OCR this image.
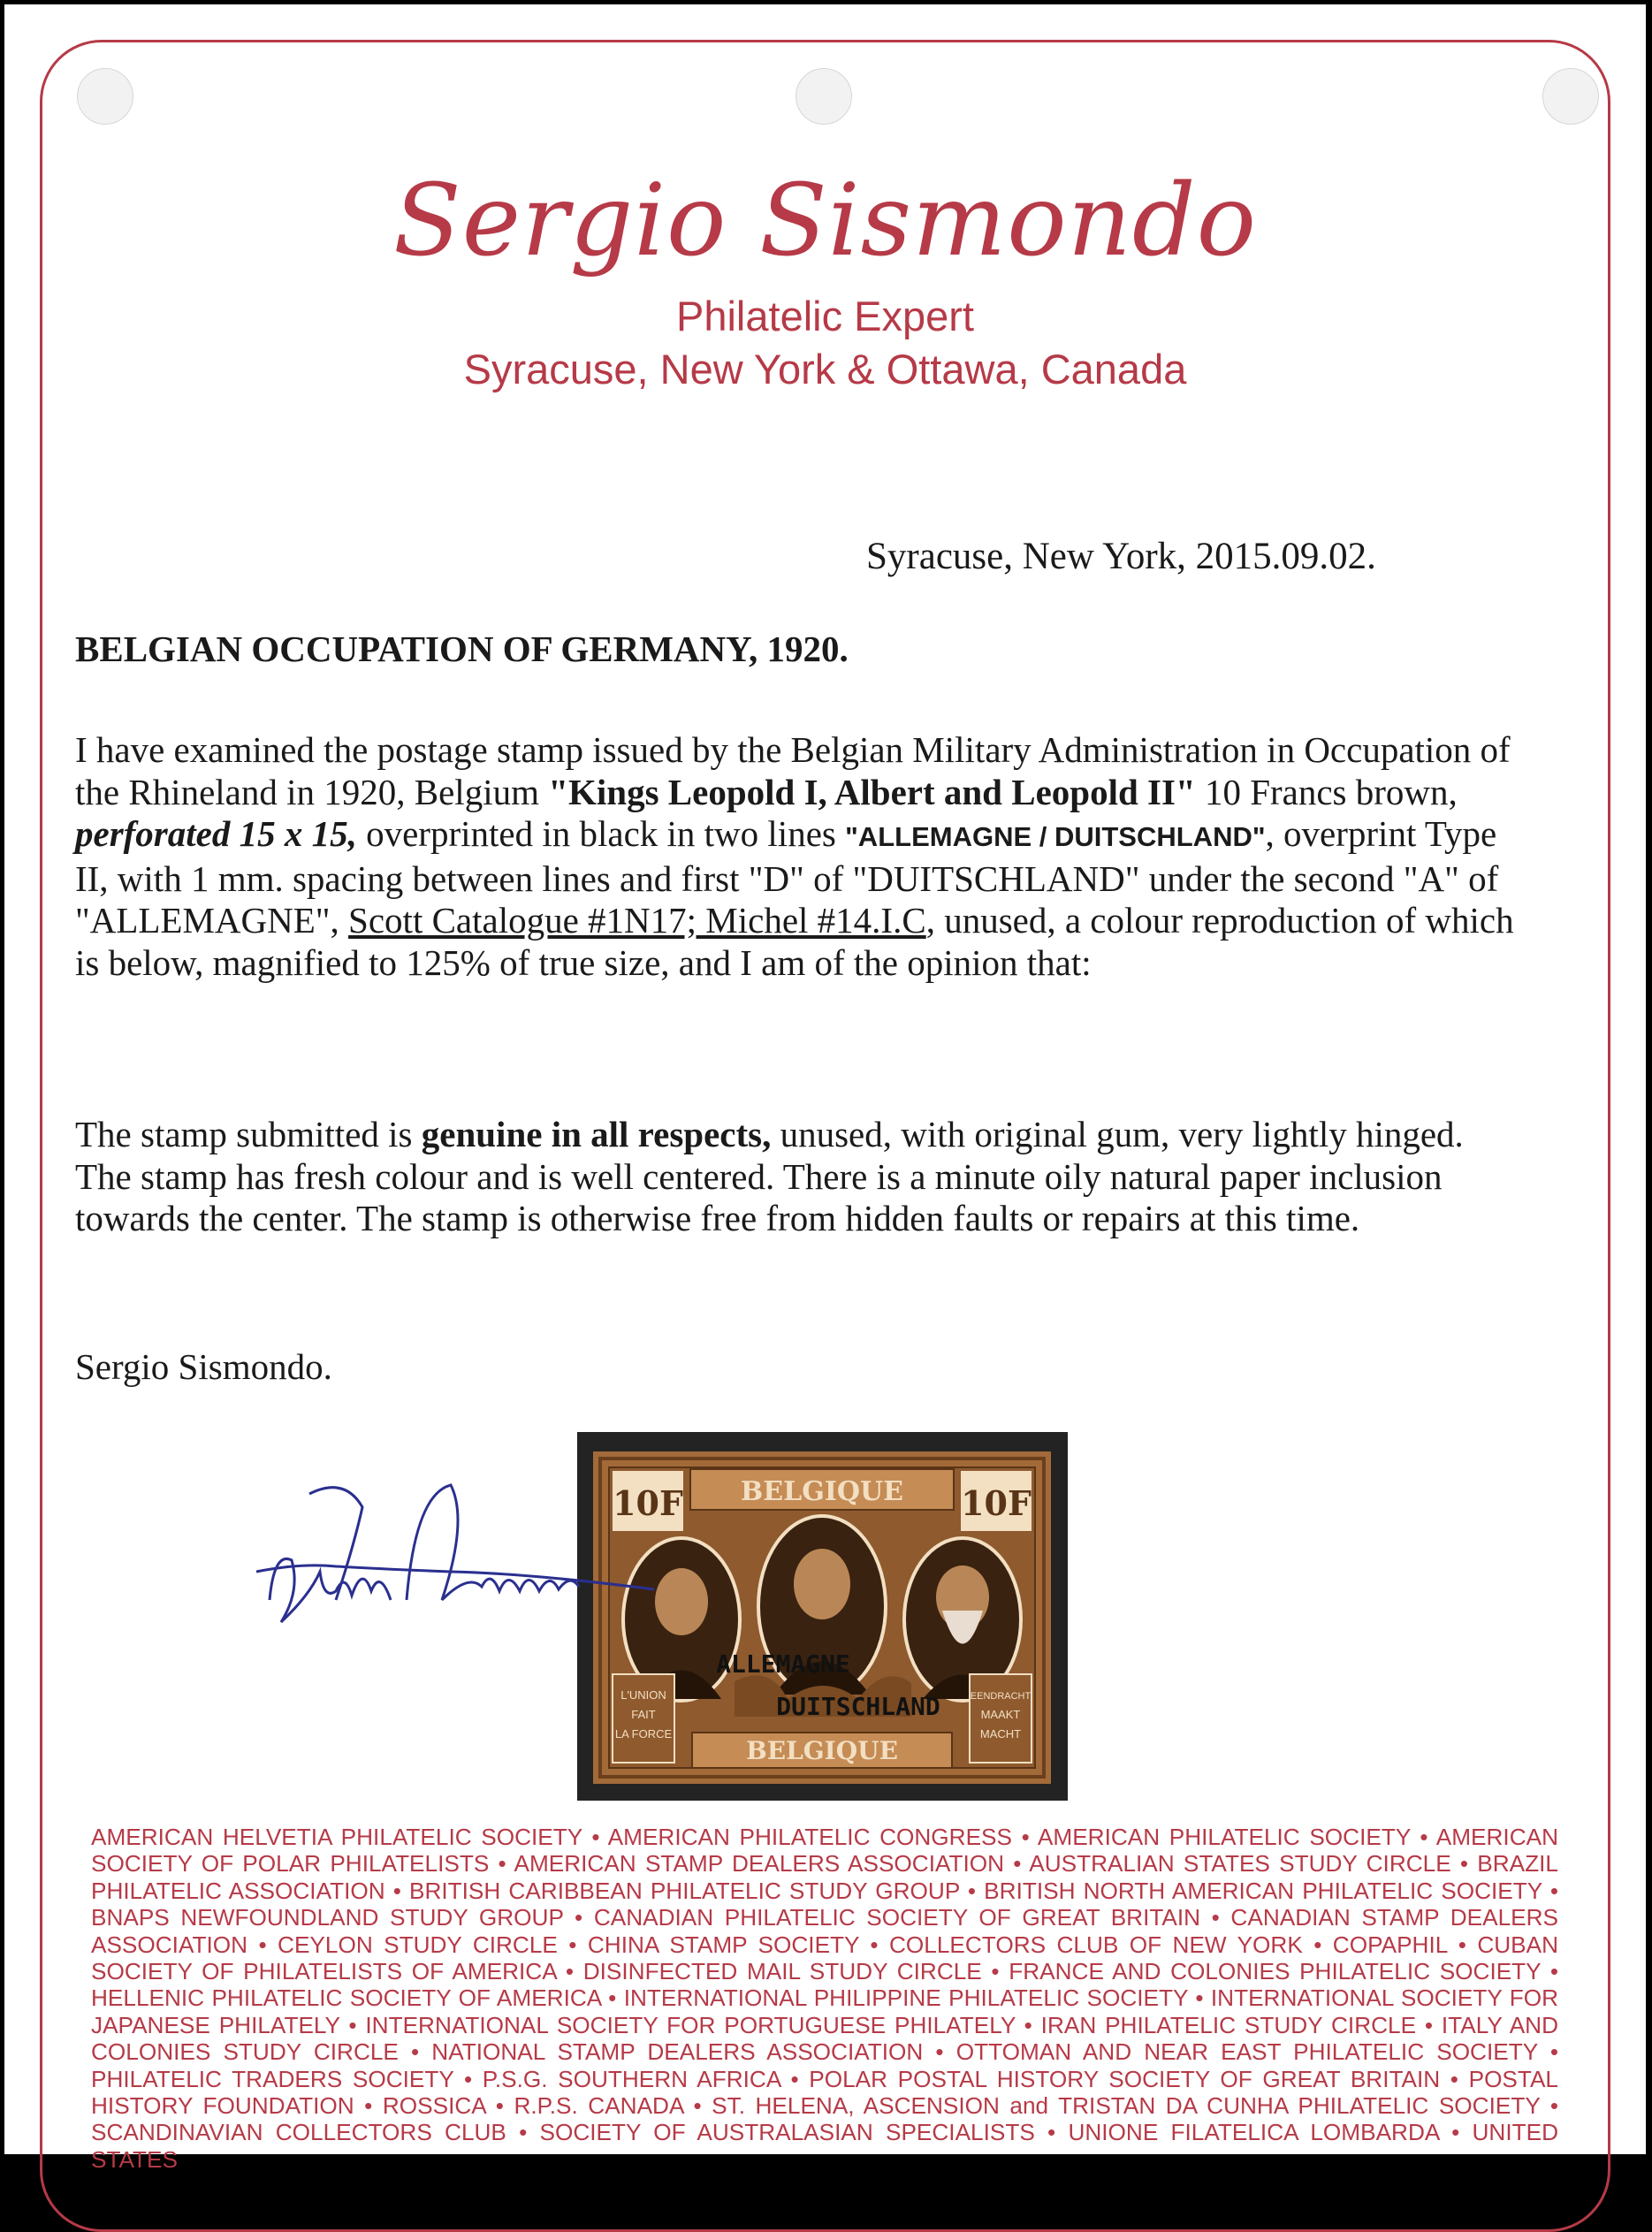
Sergio Sismondo
Philatelic Expert
Syracuse, New York & Ottawa, Canada
Syracuse, New York, 2015.09.02.
BELGIAN OCCUPATION OF GERMANY, 1920.
I have examined the postage stamp issued by the Belgian Military Administration in Occupation of the Rhineland in 1920, Belgium "Kings Leopold I, Albert and Leopold II" 10 Francs brown, perforated 15 x 15, overprinted in black in two lines "ALLEMAGNE / DUITSCHLAND", overprint Type II, with 1 mm. spacing between lines and first "D" of "DUITSCHLAND" under the second "A" of "ALLEMAGNE", Scott Catalogue #1N17; Michel #14.I.C, unused, a colour reproduction of which is below, magnified to 125% of true size, and I am of the opinion that:
The stamp submitted is genuine in all respects, unused, with original gum, very lightly hinged. The stamp has fresh colour and is well centered. There is a minute oily natural paper inclusion towards the center. The stamp is otherwise free from hidden faults or repairs at this time.
Sergio Sismondo.
BELGIQUE
10F	10F
L'UNION
FAIT
LA FORCE
EENDRACHT
MAAKT
MACHT
BELGIQUE
ALLEMAGNE
DUITSCHLAND
AMERICAN HELVETIA PHILATELIC SOCIETY • AMERICAN PHILATELIC CONGRESS • AMERICAN PHILATELIC SOCIETY • AMERICAN SOCIETY OF POLAR PHILATELISTS • AMERICAN STAMP DEALERS ASSOCIATION • AUSTRALIAN STATES STUDY CIRCLE • BRAZIL PHILATELIC ASSOCIATION • BRITISH CARIBBEAN PHILATELIC STUDY GROUP • BRITISH NORTH AMERICAN PHILATELIC SOCIETY • BNAPS NEWFOUNDLAND STUDY GROUP • CANADIAN PHILATELIC SOCIETY OF GREAT BRITAIN • CANADIAN STAMP DEALERS ASSOCIATION • CEYLON STUDY CIRCLE • CHINA STAMP SOCIETY • COLLECTORS CLUB OF NEW YORK • COPAPHIL • CUBAN SOCIETY OF PHILATELISTS OF AMERICA • DISINFECTED MAIL STUDY CIRCLE • FRANCE AND COLONIES PHILATELIC SOCIETY • HELLENIC PHILATELIC SOCIETY OF AMERICA • INTERNATIONAL PHILIPPINE PHILATELIC SOCIETY • INTERNATIONAL SOCIETY FOR JAPANESE PHILATELY • INTERNATIONAL SOCIETY FOR PORTUGUESE PHILATELY • IRAN PHILATELIC STUDY CIRCLE • ITALY AND COLONIES STUDY CIRCLE • NATIONAL STAMP DEALERS ASSOCIATION • OTTOMAN AND NEAR EAST PHILATELIC SOCIETY • PHILATELIC TRADERS SOCIETY • P.S.G. SOUTHERN AFRICA • POLAR POSTAL HISTORY SOCIETY OF GREAT BRITAIN • POSTAL HISTORY FOUNDATION • ROSSICA • R.P.S. CANADA • ST. HELENA, ASCENSION and TRISTAN DA CUNHA PHILATELIC SOCIETY • SCANDINAVIAN COLLECTORS CLUB • SOCIETY OF AUSTRALASIAN SPECIALISTS • UNIONE FILATELICA LOMBARDA • UNITED STATES
